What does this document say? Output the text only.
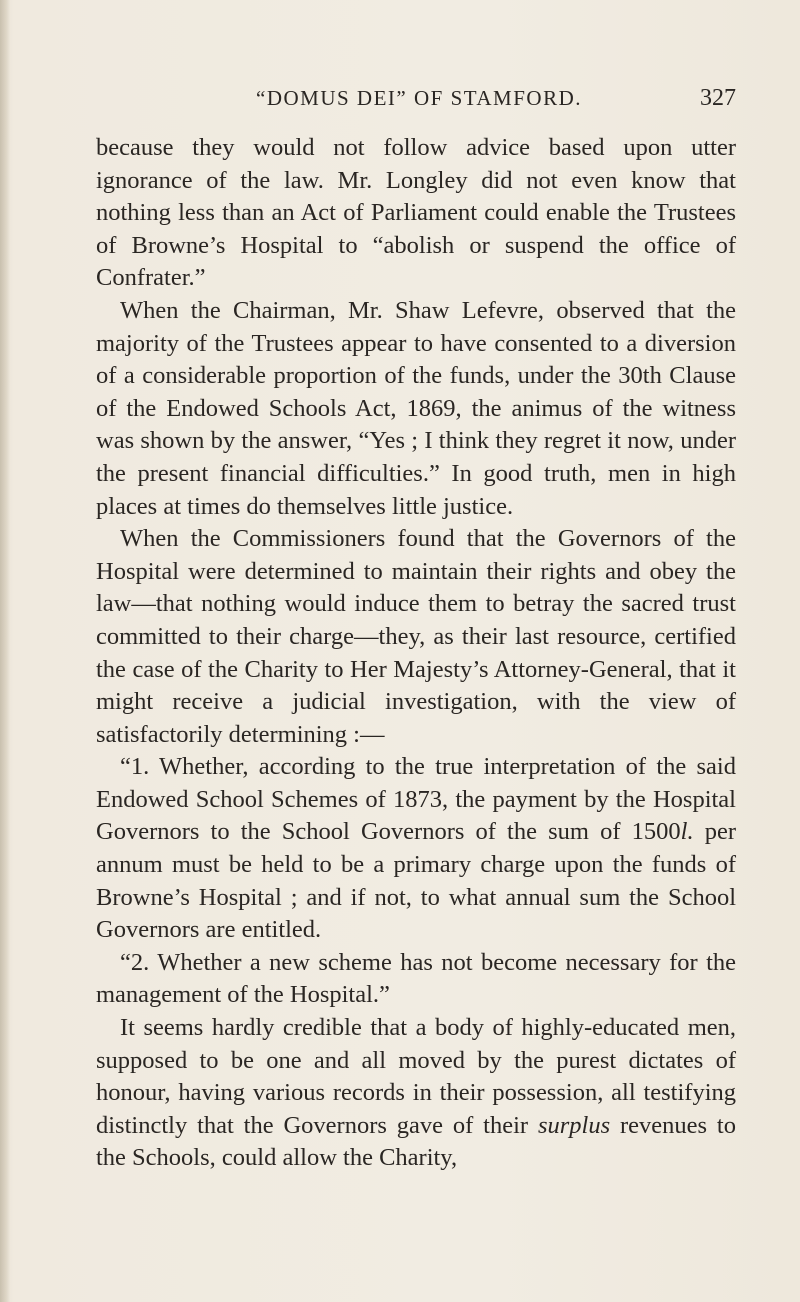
“DOMUS DEI” OF STAMFORD.	327

because they would not follow advice based upon utter ignorance of the law. Mr. Longley did not even know that nothing less than an Act of Parliament could enable the Trustees of Browne’s Hospital to “abolish or suspend the office of Confrater.”

When the Chairman, Mr. Shaw Lefevre, observed that the majority of the Trustees appear to have consented to a diversion of a considerable proportion of the funds, under the 30th Clause of the Endowed Schools Act, 1869, the animus of the witness was shown by the answer, “Yes ; I think they regret it now, under the present financial difficulties.” In good truth, men in high places at times do themselves little justice.

When the Commissioners found that the Governors of the Hospital were determined to maintain their rights and obey the law—that nothing would induce them to betray the sacred trust committed to their charge—they, as their last resource, certified the case of the Charity to Her Majesty’s Attorney-General, that it might receive a judicial investigation, with the view of satisfactorily determining :—

“1. Whether, according to the true interpretation of the said Endowed School Schemes of 1873, the payment by the Hospital Governors to the School Governors of the sum of 1500l. per annum must be held to be a primary charge upon the funds of Browne’s Hospital ; and if not, to what annual sum the School Governors are entitled.

“2. Whether a new scheme has not become necessary for the management of the Hospital.”

It seems hardly credible that a body of highly-educated men, supposed to be one and all moved by the purest dictates of honour, having various records in their possession, all testifying distinctly that the Governors gave of their surplus revenues to the Schools, could allow the Charity,
